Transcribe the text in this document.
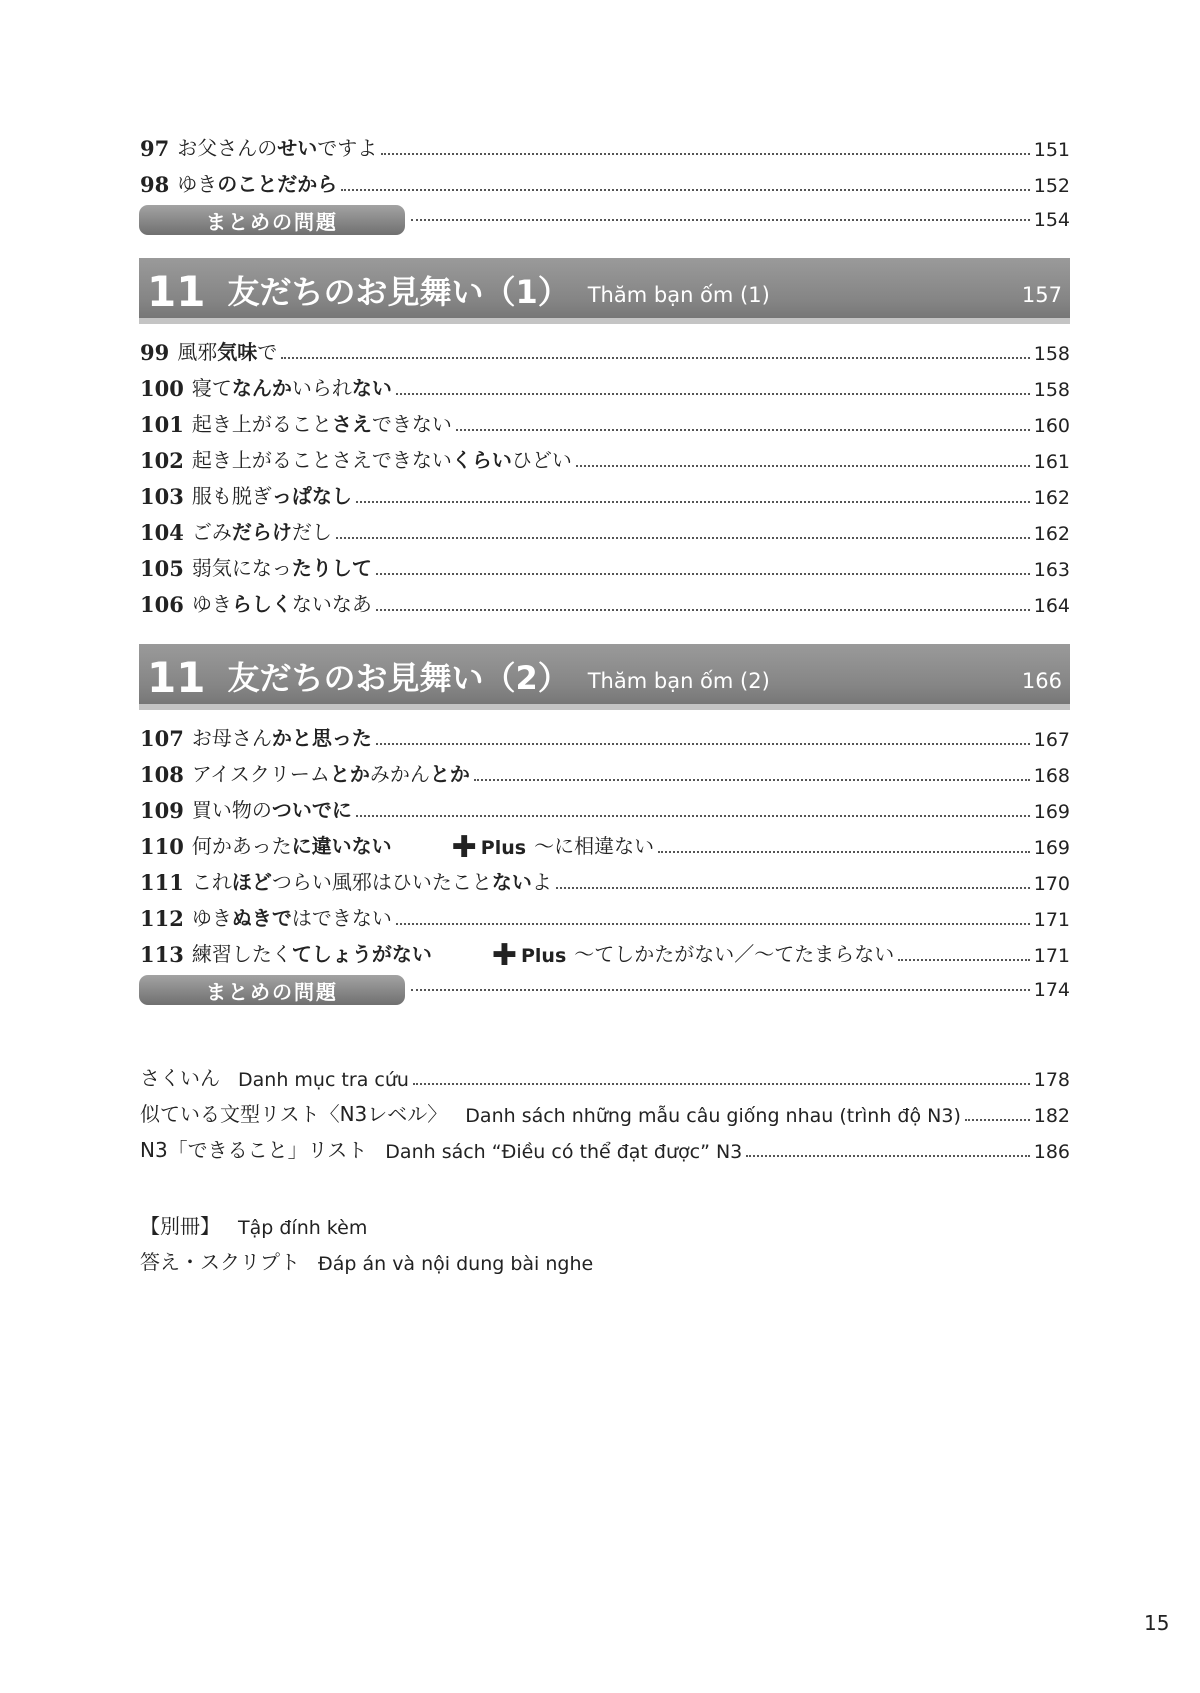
97 お父さんのせいですよ	151
98 ゆきのことだから	152
まとめの問題	154
11 友だちのお見舞い（1） Thăm bạn ốm (1)	157
99 風邪気味で	158
100 寝てなんかいられない	158
101 起き上がることさえできない	160
102 起き上がることさえできないくらいひどい	161
103 服も脱ぎっぱなし	162
104 ごみだらけだし	162
105 弱気になったりして	163
106 ゆきらしくないなあ	164
11 友だちのお見舞い（2） Thăm bạn ốm (2)	166
107 お母さんかと思った	167
108 アイスクリームとかみかんとか	168
109 買い物のついでに	169
110 何かあったに違いない ✚ Plus ～に相違ない	169
111 これほどつらい風邪はひいたことないよ	170
112 ゆきぬきではできない	171
113 練習したくてしょうがない ✚ Plus ～てしかたがない／～てたまらない	171
まとめの問題	174
さくいん Danh mục tra cứu	178
似ている文型リスト〈N3レベル〉 Danh sách những mẫu câu giống nhau (trình độ N3)	182
N3「できること」リスト Danh sách “Điều có thể đạt được” N3	186
【別冊】 Tập đính kèm
答え・スクリプト Đáp án và nội dung bài nghe
15
